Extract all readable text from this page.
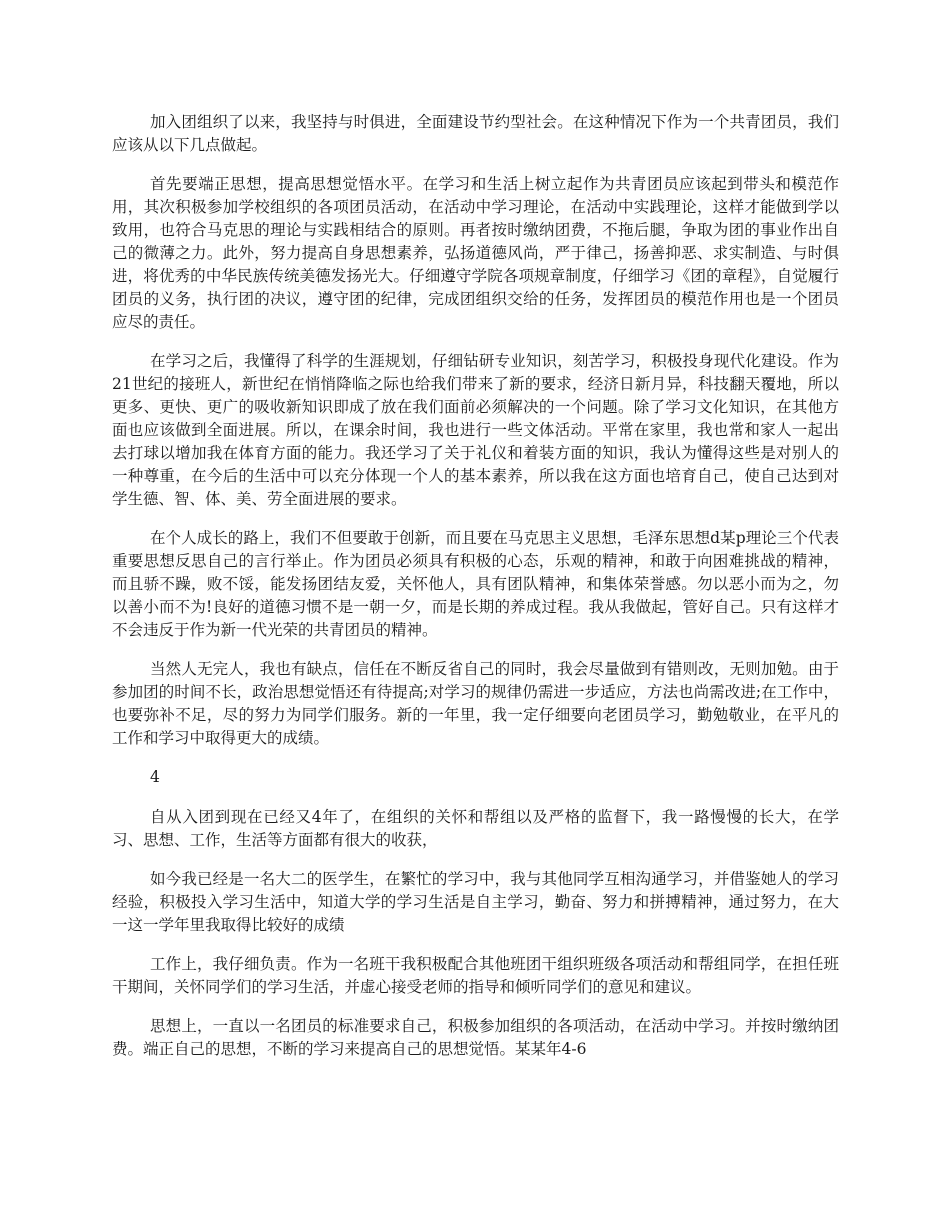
加入团组织了以来，我坚持与时俱进，全面建设节约型社会。在这种情况下作为一个共青团员，我们应该从以下几点做起。

首先要端正思想，提高思想觉悟水平。在学习和生活上树立起作为共青团员应该起到带头和模范作用，其次积极参加学校组织的各项团员活动，在活动中学习理论，在活动中实践理论，这样才能做到学以致用，也符合马克思的理论与实践相结合的原则。再者按时缴纳团费，不拖后腿，争取为团的事业作出自己的微薄之力。此外，努力提高自身思想素养，弘扬道德风尚，严于律己，扬善抑恶、求实制造、与时俱进，将优秀的中华民族传统美德发扬光大。仔细遵守学院各项规章制度，仔细学习《团的章程》，自觉履行团员的义务，执行团的决议，遵守团的纪律，完成团组织交给的任务，发挥团员的模范作用也是一个团员应尽的责任。

在学习之后，我懂得了科学的生涯规划，仔细钻研专业知识，刻苦学习，积极投身现代化建设。作为21世纪的接班人，新世纪在悄悄降临之际也给我们带来了新的要求，经济日新月异，科技翻天覆地，所以更多、更快、更广的吸收新知识即成了放在我们面前必须解决的一个问题。除了学习文化知识，在其他方面也应该做到全面进展。所以，在课余时间，我也进行一些文体活动。平常在家里，我也常和家人一起出去打球以增加我在体育方面的能力。我还学习了关于礼仪和着装方面的知识，我认为懂得这些是对别人的一种尊重，在今后的生活中可以充分体现一个人的基本素养，所以我在这方面也培育自己，使自己达到对学生德、智、体、美、劳全面进展的要求。

在个人成长的路上，我们不但要敢于创新，而且要在马克思主义思想，毛泽东思想d某p理论三个代表重要思想反思自己的言行举止。作为团员必须具有积极的心态，乐观的精神，和敢于向困难挑战的精神，而且骄不躁，败不馁，能发扬团结友爱，关怀他人，具有团队精神，和集体荣誉感。勿以恶小而为之，勿以善小而不为!良好的道德习惯不是一朝一夕，而是长期的养成过程。我从我做起，管好自己。只有这样才不会违反于作为新一代光荣的共青团员的精神。

当然人无完人，我也有缺点，信任在不断反省自己的同时，我会尽量做到有错则改，无则加勉。由于参加团的时间不长，政治思想觉悟还有待提高;对学习的规律仍需进一步适应，方法也尚需改进;在工作中，也要弥补不足，尽的努力为同学们服务。新的一年里，我一定仔细要向老团员学习，勤勉敬业，在平凡的工作和学习中取得更大的成绩。

4

自从入团到现在已经又4年了，在组织的关怀和帮组以及严格的监督下，我一路慢慢的长大，在学习、思想、工作，生活等方面都有很大的收获，

如今我已经是一名大二的医学生，在繁忙的学习中，我与其他同学互相沟通学习，并借鉴她人的学习经验，积极投入学习生活中，知道大学的学习生活是自主学习，勤奋、努力和拼搏精神，通过努力，在大一这一学年里我取得比较好的成绩

工作上，我仔细负责。作为一名班干我积极配合其他班团干组织班级各项活动和帮组同学，在担任班干期间，关怀同学们的学习生活，并虚心接受老师的指导和倾听同学们的意见和建议。

思想上，一直以一名团员的标准要求自己，积极参加组织的各项活动，在活动中学习。并按时缴纳团费。端正自己的思想，不断的学习来提高自己的思想觉悟。某某年4-6
